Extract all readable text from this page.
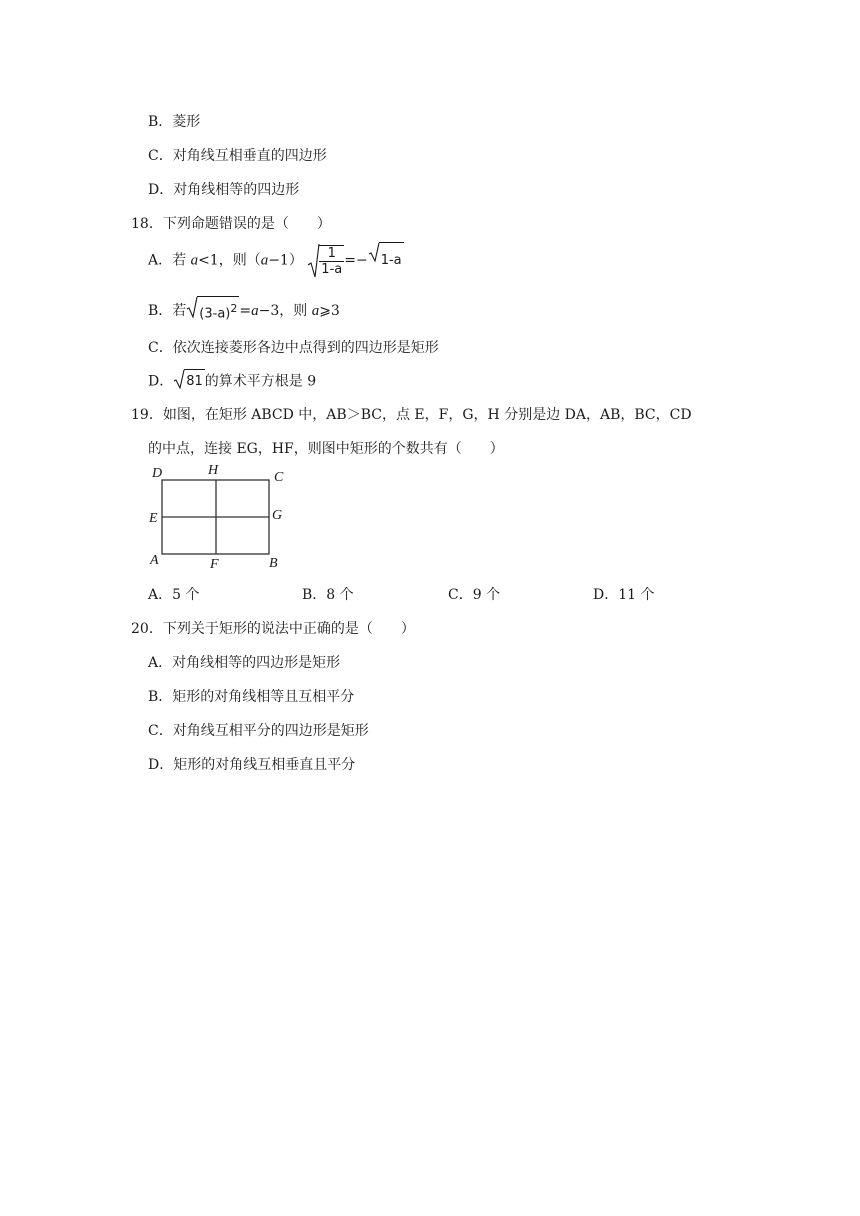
B．菱形
C．对角线互相垂直的四边形
D．对角线相等的四边形
18．下列命题错误的是（　　）
A．若 a<1，则$(a-1) \frac{1}{1-a} =- 1-a$
B．若 $(3-a)^2 =a-3$，则 a⩾3
C．依次连接菱形各边中点得到的四边形是矩形
D． 81 的算术平方根是 9
19．如图，在矩形 ABCD 中，AB＞BC，点 E，F，G，H 分别是边 DA，AB，BC，CD
的中点，连接 EG，HF，则图中矩形的个数共有（　　）
D	H	C
E	G
A	F	B
A．5 个	B．8 个	C．9 个	D．11 个
20．下列关于矩形的说法中正确的是（　　）
A．对角线相等的四边形是矩形
B．矩形的对角线相等且互相平分
C．对角线互相平分的四边形是矩形
D．矩形的对角线互相垂直且平分
